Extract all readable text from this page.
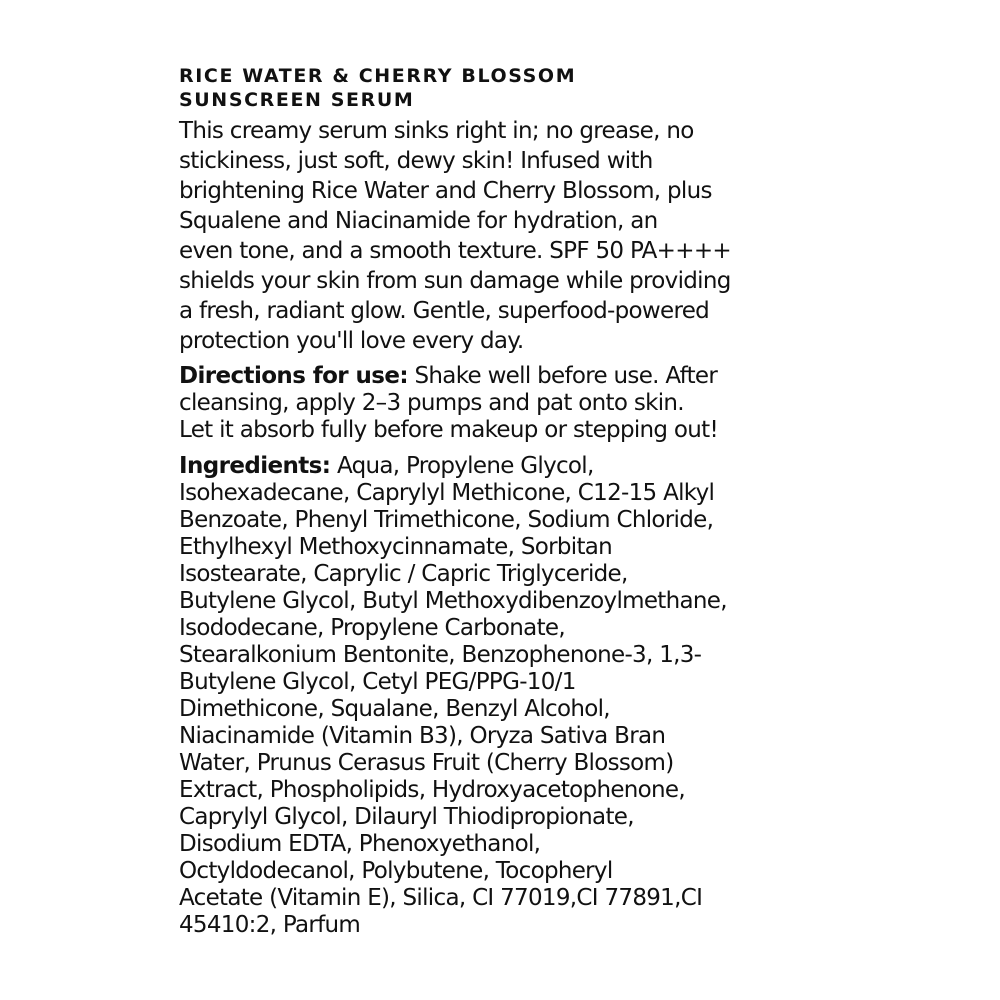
RICE WATER & CHERRY BLOSSOM
SUNSCREEN SERUM
This creamy serum sinks right in; no grease, no
stickiness, just soft, dewy skin! Infused with
brightening Rice Water and Cherry Blossom, plus
Squalene and Niacinamide for hydration, an
even tone, and a smooth texture. SPF 50 PA++++
shields your skin from sun damage while providing
a fresh, radiant glow. Gentle, superfood-powered
protection you'll love every day.
Directions for use: Shake well before use. After
cleansing, apply 2–3 pumps and pat onto skin.
Let it absorb fully before makeup or stepping out!
Ingredients: Aqua, Propylene Glycol,
Isohexadecane, Caprylyl Methicone, C12-15 Alkyl
Benzoate, Phenyl Trimethicone, Sodium Chloride,
Ethylhexyl Methoxycinnamate, Sorbitan
Isostearate, Caprylic / Capric Triglyceride,
Butylene Glycol, Butyl Methoxydibenzoylmethane,
Isododecane, Propylene Carbonate,
Stearalkonium Bentonite, Benzophenone-3, 1,3-
Butylene Glycol, Cetyl PEG/PPG-10/1
Dimethicone, Squalane, Benzyl Alcohol,
Niacinamide (Vitamin B3), Oryza Sativa Bran
Water, Prunus Cerasus Fruit (Cherry Blossom)
Extract, Phospholipids, Hydroxyacetophenone,
Caprylyl Glycol, Dilauryl Thiodipropionate,
Disodium EDTA, Phenoxyethanol,
Octyldodecanol, Polybutene, Tocopheryl
Acetate (Vitamin E), Silica, CI 77019,CI 77891,CI
45410:2, Parfum
